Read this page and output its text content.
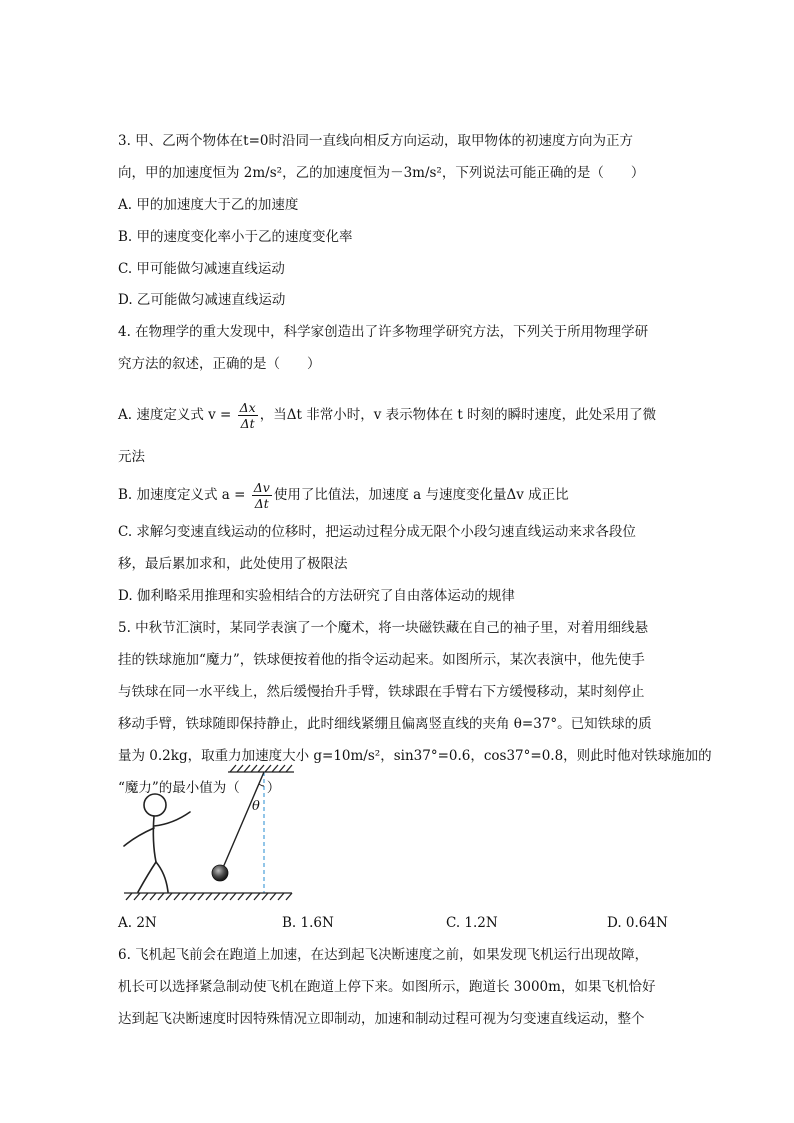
3. 甲、乙两个物体在t=0时沿同一直线向相反方向运动，取甲物体的初速度方向为正方
向，甲的加速度恒为 2m/s²，乙的加速度恒为－3m/s²，下列说法可能正确的是（　　）
A. 甲的加速度大于乙的加速度
B. 甲的速度变化率小于乙的速度变化率
C. 甲可能做匀减速直线运动
D. 乙可能做匀减速直线运动
4. 在物理学的重大发现中，科学家创造出了许多物理学研究方法，下列关于所用物理学研
究方法的叙述，正确的是（　　）
A. 速度定义式 $v = \frac{\Delta x}{\Delta t}$ ，当Δt 非常小时，v 表示物体在 t 时刻的瞬时速度，此处采用了微
元法
B. 加速度定义式 $a = \frac{\Delta v}{\Delta t}$ 使用了比值法，加速度 a 与速度变化量Δv 成正比
C. 求解匀变速直线运动的位移时，把运动过程分成无限个小段匀速直线运动来求各段位
移，最后累加求和，此处使用了极限法
D. 伽利略采用推理和实验相结合的方法研究了自由落体运动的规律
5. 中秋节汇演时，某同学表演了一个魔术，将一块磁铁藏在自己的袖子里，对着用细线悬
挂的铁球施加“魔力”，铁球便按着他的指令运动起来。如图所示，某次表演中，他先使手
与铁球在同一水平线上，然后缓慢抬升手臂，铁球跟在手臂右下方缓慢移动，某时刻停止
移动手臂，铁球随即保持静止，此时细线紧绷且偏离竖直线的夹角 θ=37°。已知铁球的质
量为 0.2kg，取重力加速度大小 g=10m/s²，sin37°=0.6，cos37°=0.8，则此时他对铁球施加的
“魔力”的最小值为（　　）
θ
A. 2N	B. 1.6N	C. 1.2N	D. 0.64N
6. 飞机起飞前会在跑道上加速，在达到起飞决断速度之前，如果发现飞机运行出现故障，
机长可以选择紧急制动使飞机在跑道上停下来。如图所示，跑道长 3000m，如果飞机恰好
达到起飞决断速度时因特殊情况立即制动，加速和制动过程可视为匀变速直线运动，整个
